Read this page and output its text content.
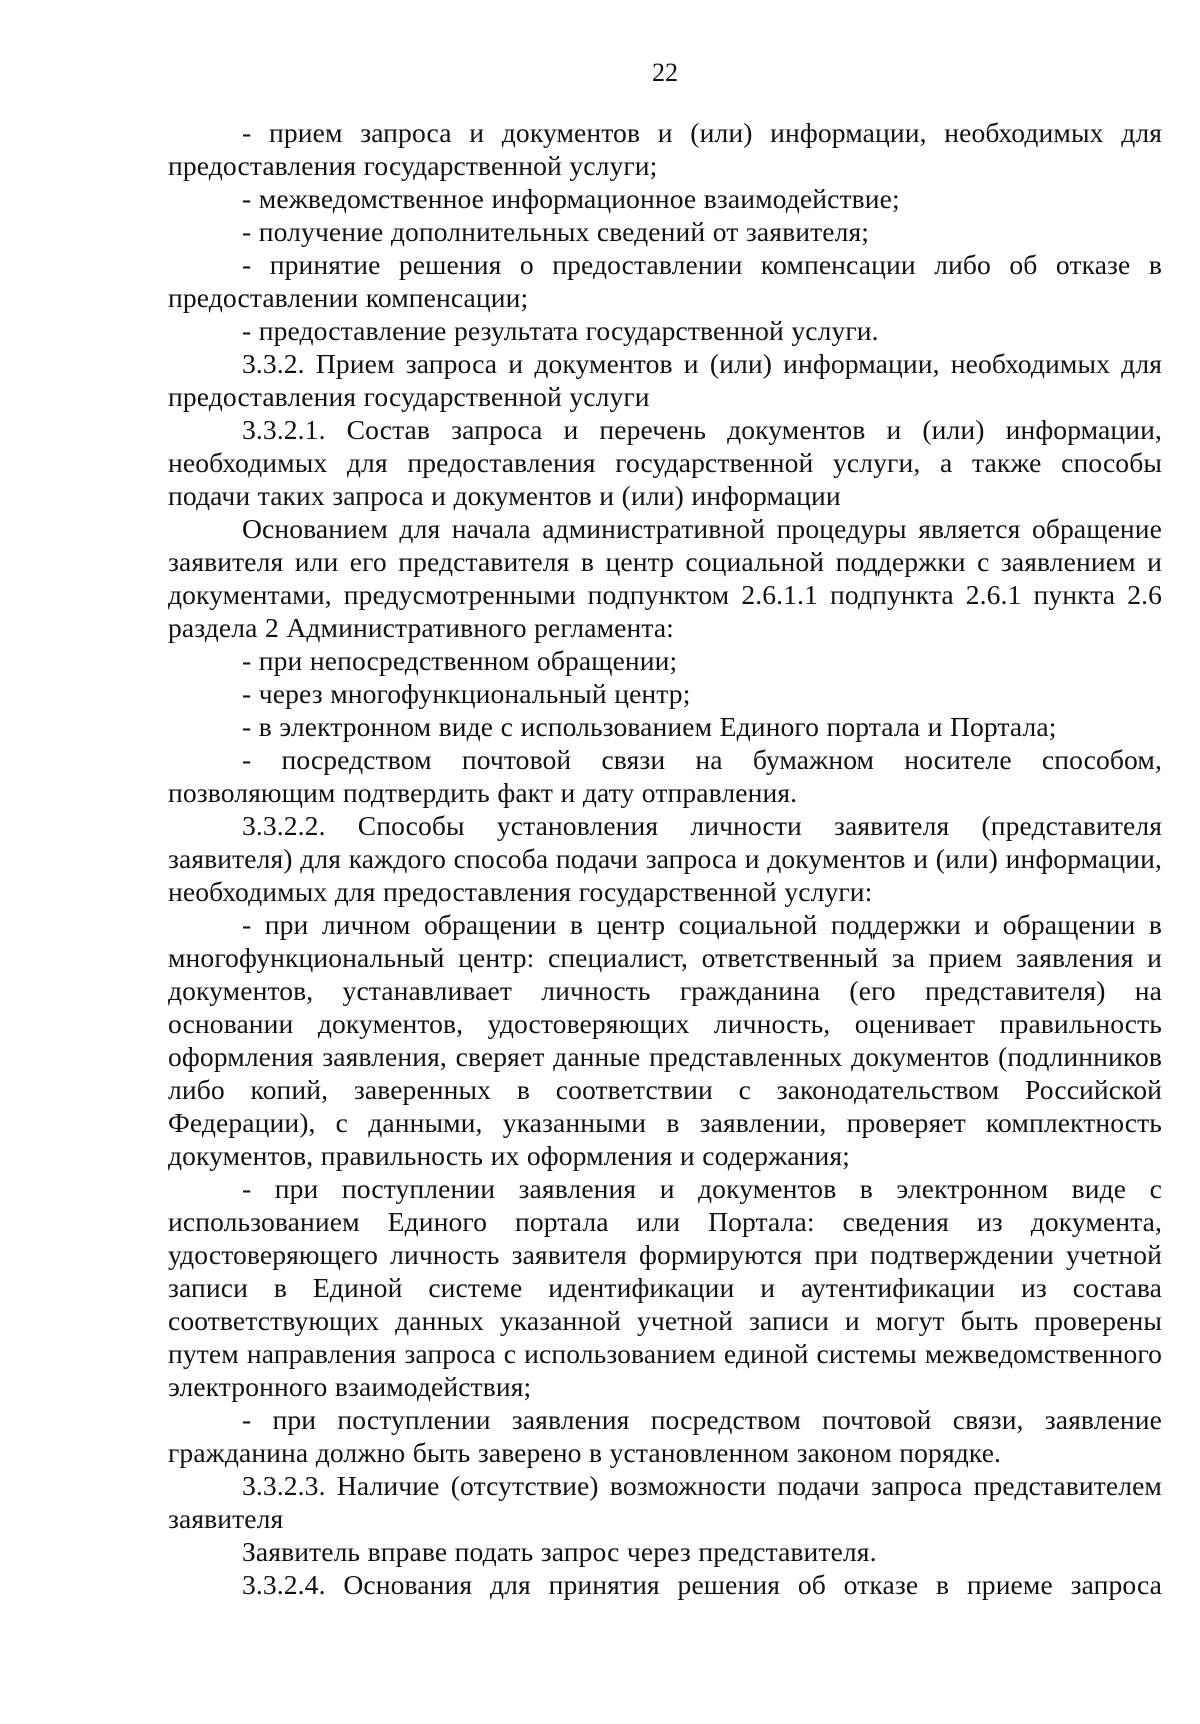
22

- прием запроса и документов и (или) информации, необходимых для предоставления государственной услуги;

- межведомственное информационное взаимодействие;

- получение дополнительных сведений от заявителя;

- принятие решения о предоставлении компенсации либо об отказе в предоставлении компенсации;

- предоставление результата государственной услуги.

3.3.2. Прием запроса и документов и (или) информации, необходимых для предоставления государственной услуги

3.3.2.1. Состав запроса и перечень документов и (или) информации, необходимых для предоставления государственной услуги, а также способы подачи таких запроса и документов и (или) информации

Основанием для начала административной процедуры является обращение заявителя или его представителя в центр социальной поддержки с заявлением и документами, предусмотренными подпунктом 2.6.1.1 подпункта 2.6.1 пункта 2.6 раздела 2 Административного регламента:

- при непосредственном обращении;

- через многофункциональный центр;

- в электронном виде с использованием Единого портала и Портала;

- посредством почтовой связи на бумажном носителе способом, позволяющим подтвердить факт и дату отправления.

3.3.2.2. Способы установления личности заявителя (представителя заявителя) для каждого способа подачи запроса и документов и (или) информации, необходимых для предоставления государственной услуги:

- при личном обращении в центр социальной поддержки и обращении в многофункциональный центр: специалист, ответственный за прием заявления и документов, устанавливает личность гражданина (его представителя) на основании документов, удостоверяющих личность, оценивает правильность оформления заявления, сверяет данные представленных документов (подлинников либо копий, заверенных в соответствии с законодательством Российской Федерации), с данными, указанными в заявлении, проверяет комплектность документов, правильность их оформления и содержания;

- при поступлении заявления и документов в электронном виде с использованием Единого портала или Портала: сведения из документа, удостоверяющего личность заявителя формируются при подтверждении учетной записи в Единой системе идентификации и аутентификации из состава соответствующих данных указанной учетной записи и могут быть проверены путем направления запроса с использованием единой системы межведомственного электронного взаимодействия;

- при поступлении заявления посредством почтовой связи, заявление гражданина должно быть заверено в установленном законом порядке.

3.3.2.3. Наличие (отсутствие) возможности подачи запроса представителем заявителя

Заявитель вправе подать запрос через представителя.

3.3.2.4. Основания для принятия решения об отказе в приеме запроса
